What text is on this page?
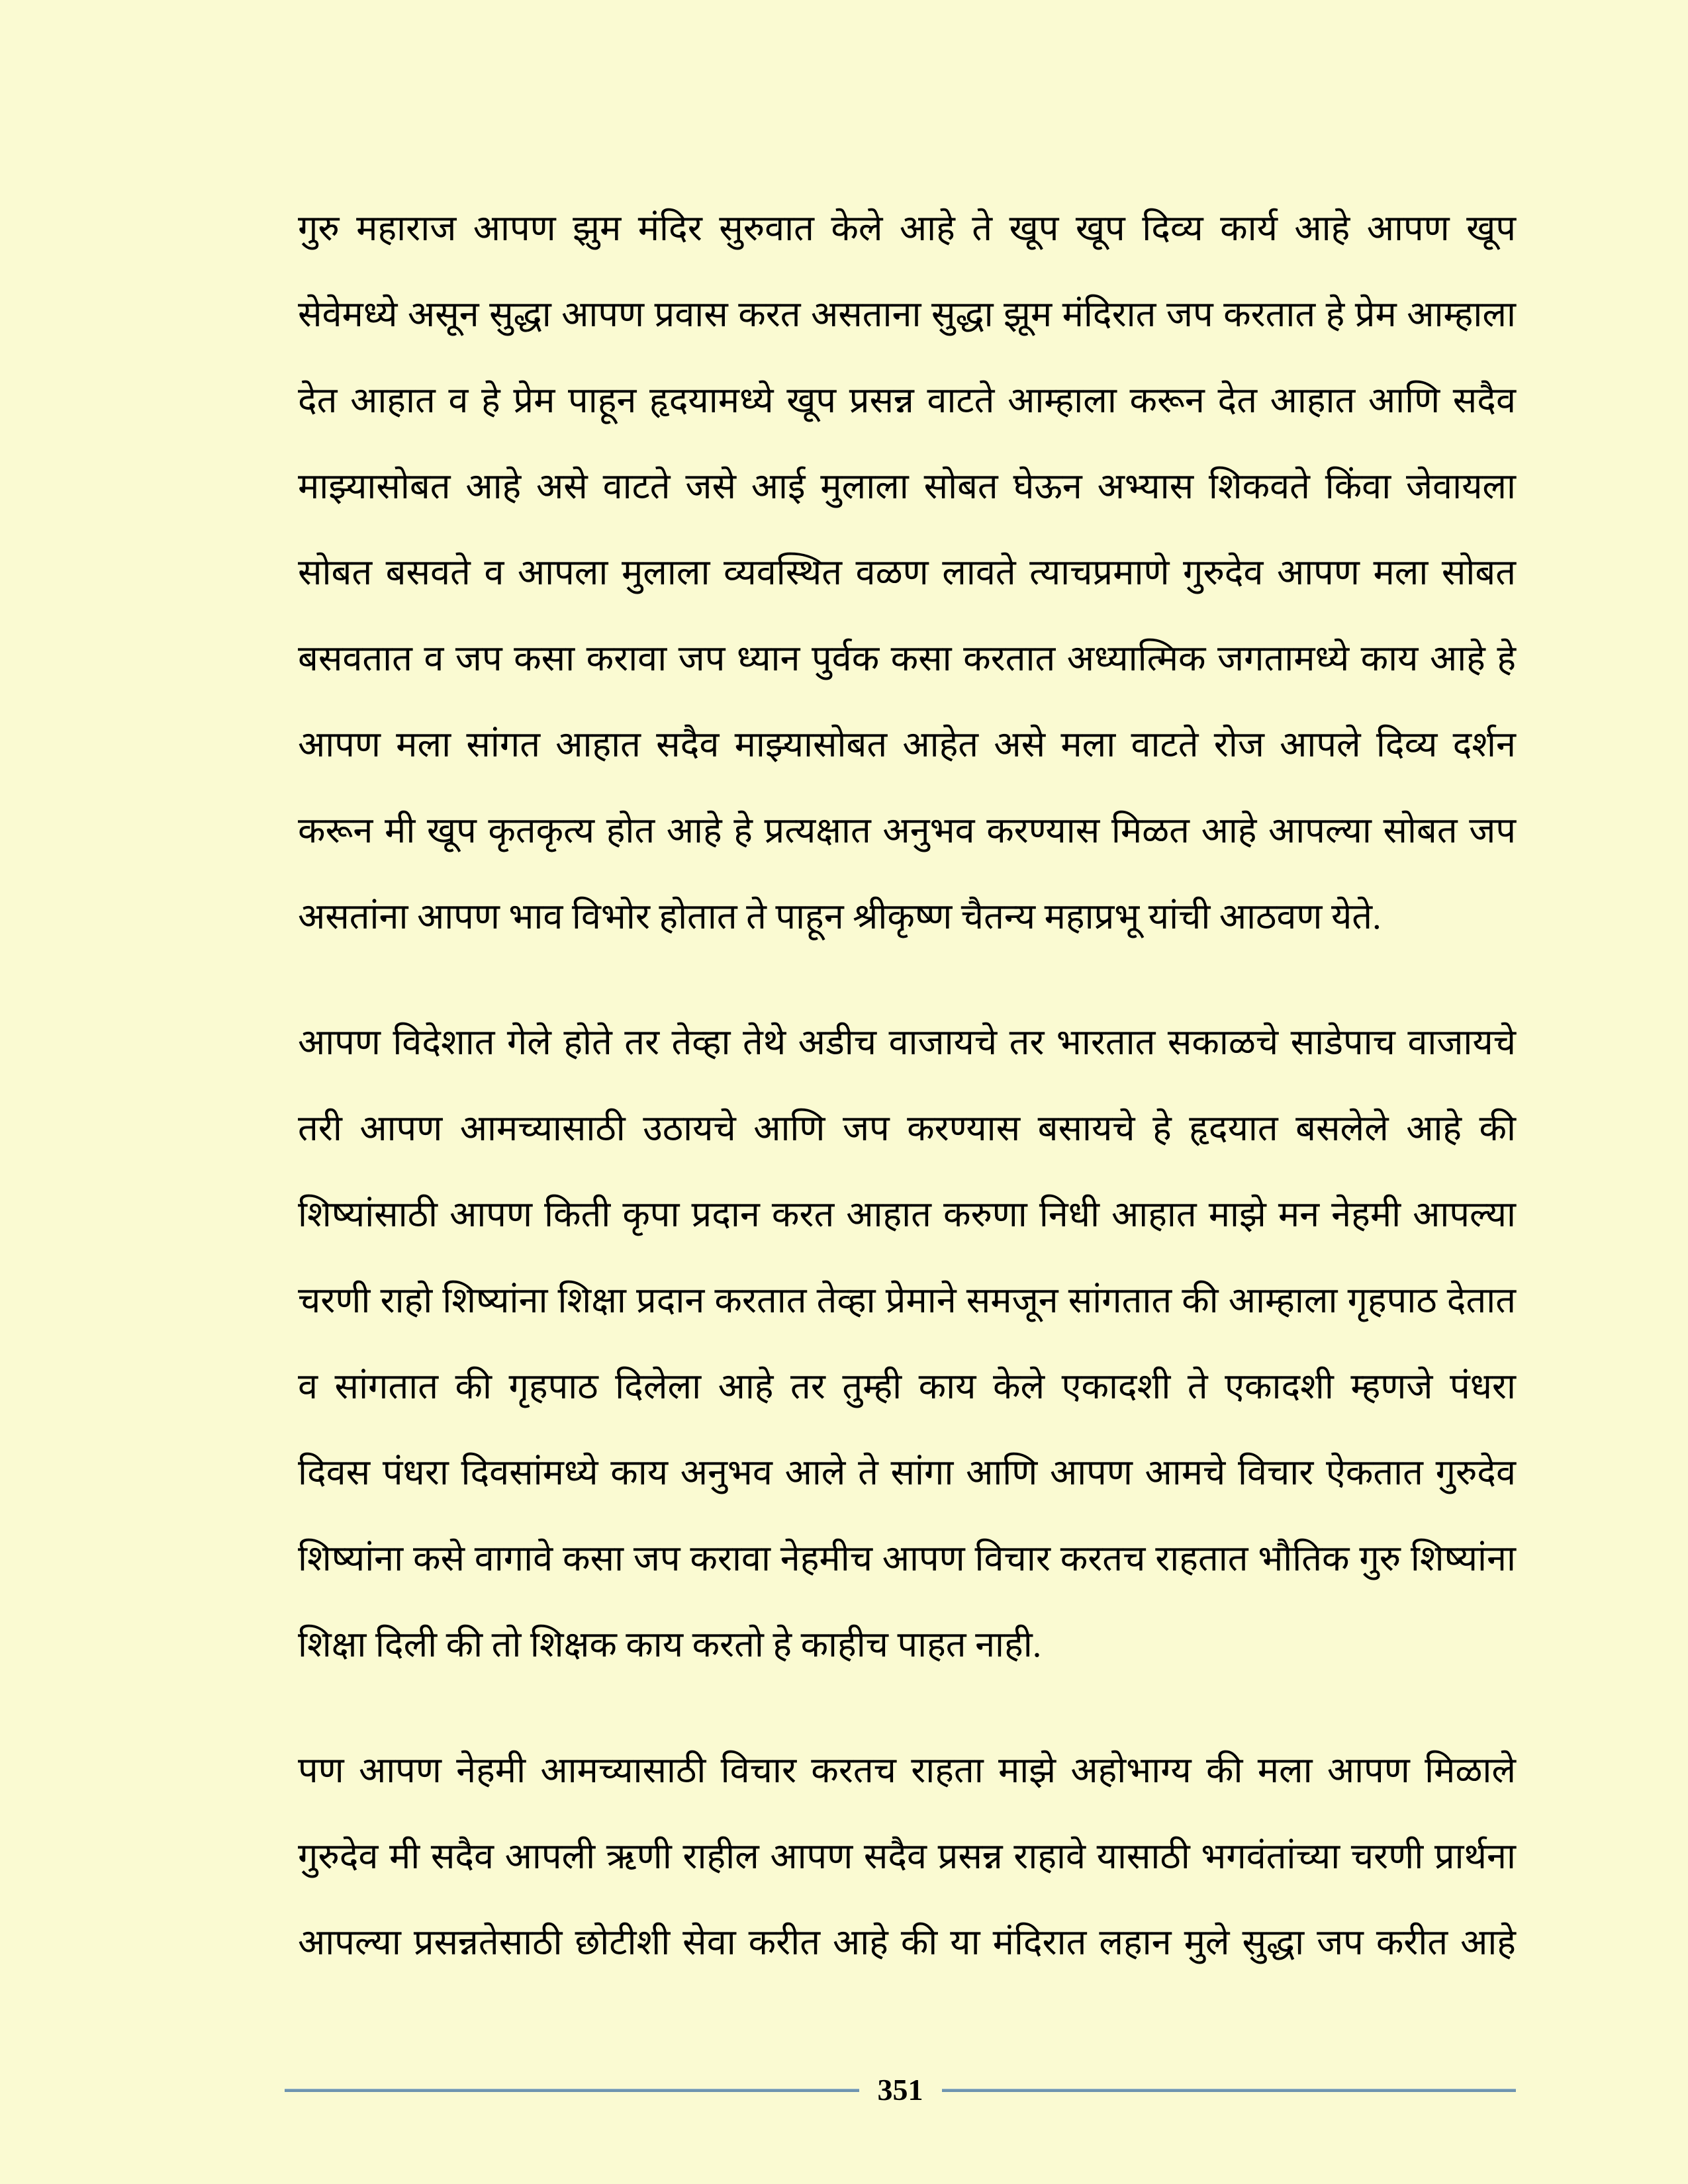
गुरु महाराज आपण झुम मंदिर सुरुवात केले आहे ते खूप खूप दिव्य कार्य आहे आपण खूप
सेवेमध्ये असून सुद्धा आपण प्रवास करत असताना सुद्धा झूम मंदिरात जप करतात हे प्रेम आम्हाला
देत आहात व हे प्रेम पाहून हृदयामध्ये खूप प्रसन्न वाटते आम्हाला करून देत आहात आणि सदैव
माझ्यासोबत आहे असे वाटते जसे आई मुलाला सोबत घेऊन अभ्यास शिकवते किंवा जेवायला
सोबत बसवते व आपला मुलाला व्यवस्थित वळण लावते त्याचप्रमाणे गुरुदेव आपण मला सोबत
बसवतात व जप कसा करावा जप ध्यान पुर्वक कसा करतात अध्यात्मिक जगतामध्ये काय आहे हे
आपण मला सांगत आहात सदैव माझ्यासोबत आहेत असे मला वाटते रोज आपले दिव्य दर्शन
करून मी खूप कृतकृत्य होत आहे हे प्रत्यक्षात अनुभव करण्यास मिळत आहे आपल्या सोबत जप
असतांना आपण भाव विभोर होतात ते पाहून श्रीकृष्ण चैतन्य महाप्रभू यांची आठवण येते.
आपण विदेशात गेले होते तर तेव्हा तेथे अडीच वाजायचे तर भारतात सकाळचे साडेपाच वाजायचे
तरी आपण आमच्यासाठी उठायचे आणि जप करण्यास बसायचे हे हृदयात बसलेले आहे की
शिष्यांसाठी आपण किती कृपा प्रदान करत आहात करुणा निधी आहात माझे मन नेहमी आपल्या
चरणी राहो शिष्यांना शिक्षा प्रदान करतात तेव्हा प्रेमाने समजून सांगतात की आम्हाला गृहपाठ देतात
व सांगतात की गृहपाठ दिलेला आहे तर तुम्ही काय केले एकादशी ते एकादशी म्हणजे पंधरा
दिवस पंधरा दिवसांमध्ये काय अनुभव आले ते सांगा आणि आपण आमचे विचार ऐकतात गुरुदेव
शिष्यांना कसे वागावे कसा जप करावा नेहमीच आपण विचार करतच राहतात भौतिक गुरु शिष्यांना
शिक्षा दिली की तो शिक्षक काय करतो हे काहीच पाहत नाही.
पण आपण नेहमी आमच्यासाठी विचार करतच राहता माझे अहोभाग्य की मला आपण मिळाले
गुरुदेव मी सदैव आपली ऋणी राहील आपण सदैव प्रसन्न राहावे यासाठी भगवंतांच्या चरणी प्रार्थना
आपल्या प्रसन्नतेसाठी छोटीशी सेवा करीत आहे की या मंदिरात लहान मुले सुद्धा जप करीत आहे
351
